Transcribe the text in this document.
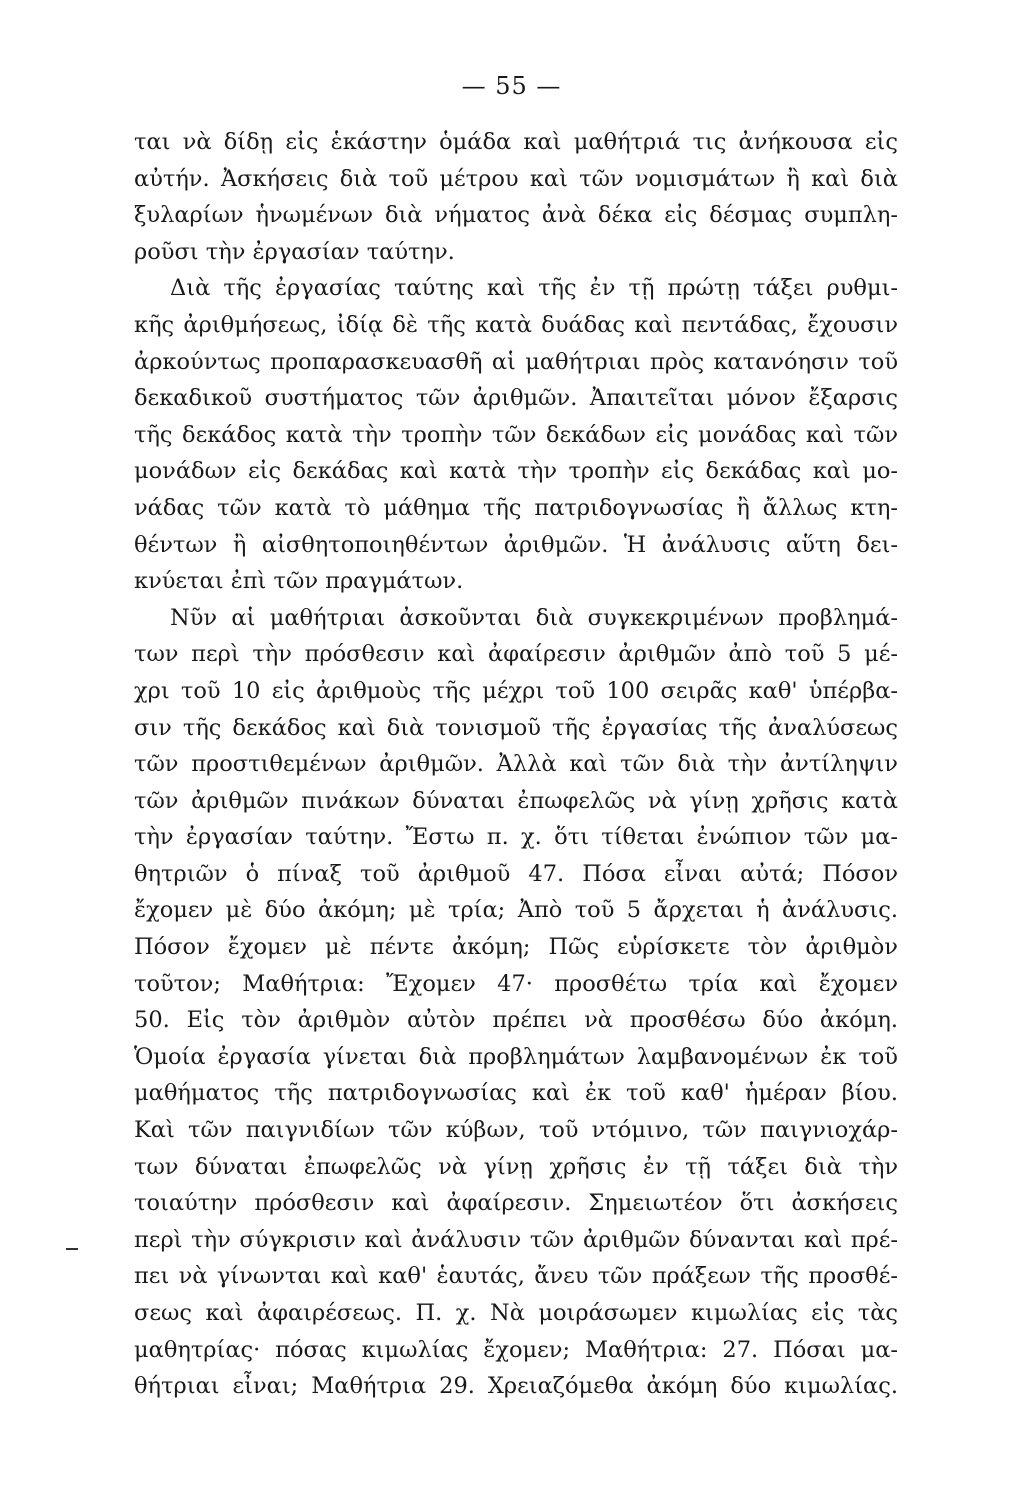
— 55 —
ται νὰ δίδῃ εἰς ἑκάστην ὁμάδα καὶ μαθήτριά τις ἀνήκουσα εἰς
αὐτήν. Ἀσκήσεις διὰ τοῦ μέτρου καὶ τῶν νομισμάτων ἢ καὶ διὰ
ξυλαρίων ἡνωμένων διὰ νήματος ἀνὰ δέκα εἰς δέσμας συμπλη-
ροῦσι τὴν ἐργασίαν ταύτην.
Διὰ τῆς ἐργασίας ταύτης καὶ τῆς ἐν τῇ πρώτῃ τάξει ρυθμι-
κῆς ἀριθμήσεως, ἰδίᾳ δὲ τῆς κατὰ δυάδας καὶ πεντάδας, ἔχουσιν
ἀρκούντως προπαρασκευασθῆ αἱ μαθήτριαι πρὸς κατανόησιν τοῦ
δεκαδικοῦ συστήματος τῶν ἀριθμῶν. Ἀπαιτεῖται μόνον ἔξαρσις
τῆς δεκάδος κατὰ τὴν τροπὴν τῶν δεκάδων εἰς μονάδας καὶ τῶν
μονάδων εἰς δεκάδας καὶ κατὰ τὴν τροπὴν εἰς δεκάδας καὶ μο-
νάδας τῶν κατὰ τὸ μάθημα τῆς πατριδογνωσίας ἢ ἄλλως κτη-
θέντων ἢ αἰσθητοποιηθέντων ἀριθμῶν. Ἡ ἀνάλυσις αὕτη δει-
κνύεται ἐπὶ τῶν πραγμάτων.
Νῦν αἱ μαθήτριαι ἀσκοῦνται διὰ συγκεκριμένων προβλημά-
των περὶ τὴν πρόσθεσιν καὶ ἀφαίρεσιν ἀριθμῶν ἀπὸ τοῦ 5 μέ-
χρι τοῦ 10 εἰς ἀριθμοὺς τῆς μέχρι τοῦ 100 σειρᾶς καθ' ὑπέρβα-
σιν τῆς δεκάδος καὶ διὰ τονισμοῦ τῆς ἐργασίας τῆς ἀναλύσεως
τῶν προστιθεμένων ἀριθμῶν. Ἀλλὰ καὶ τῶν διὰ τὴν ἀντίληψιν
τῶν ἀριθμῶν πινάκων δύναται ἐπωφελῶς νὰ γίνῃ χρῆσις κατὰ
τὴν ἐργασίαν ταύτην. Ἔστω π. χ. ὅτι τίθεται ἐνώπιον τῶν μα-
θητριῶν ὁ πίναξ τοῦ ἀριθμοῦ 47. Πόσα εἶναι αὐτά; Πόσον
ἔχομεν μὲ δύο ἀκόμη; μὲ τρία; Ἀπὸ τοῦ 5 ἄρχεται ἡ ἀνάλυσις.
Πόσον ἔχομεν μὲ πέντε ἀκόμη; Πῶς εὑρίσκετε τὸν ἀριθμὸν
τοῦτον; Μαθήτρια: Ἔχομεν 47· προσθέτω τρία καὶ ἔχομεν
50. Εἰς τὸν ἀριθμὸν αὐτὸν πρέπει νὰ προσθέσω δύο ἀκόμη.
Ὁμοία ἐργασία γίνεται διὰ προβλημάτων λαμβανομένων ἐκ τοῦ
μαθήματος τῆς πατριδογνωσίας καὶ ἐκ τοῦ καθ' ἡμέραν βίου.
Καὶ τῶν παιγνιδίων τῶν κύβων, τοῦ ντόμινο, τῶν παιγνιοχάρ-
των δύναται ἐπωφελῶς νὰ γίνῃ χρῆσις ἐν τῇ τάξει διὰ τὴν
τοιαύτην πρόσθεσιν καὶ ἀφαίρεσιν. Σημειωτέον ὅτι ἀσκήσεις
περὶ τὴν σύγκρισιν καὶ ἀνάλυσιν τῶν ἀριθμῶν δύνανται καὶ πρέ-
πει νὰ γίνωνται καὶ καθ' ἑαυτάς, ἄνευ τῶν πράξεων τῆς προσθέ-
σεως καὶ ἀφαιρέσεως. Π. χ. Νὰ μοιράσωμεν κιμωλίας εἰς τὰς
μαθητρίας· πόσας κιμωλίας ἔχομεν; Μαθήτρια: 27. Πόσαι μα-
θήτριαι εἶναι; Μαθήτρια 29. Χρειαζόμεθα ἀκόμη δύο κιμωλίας.
